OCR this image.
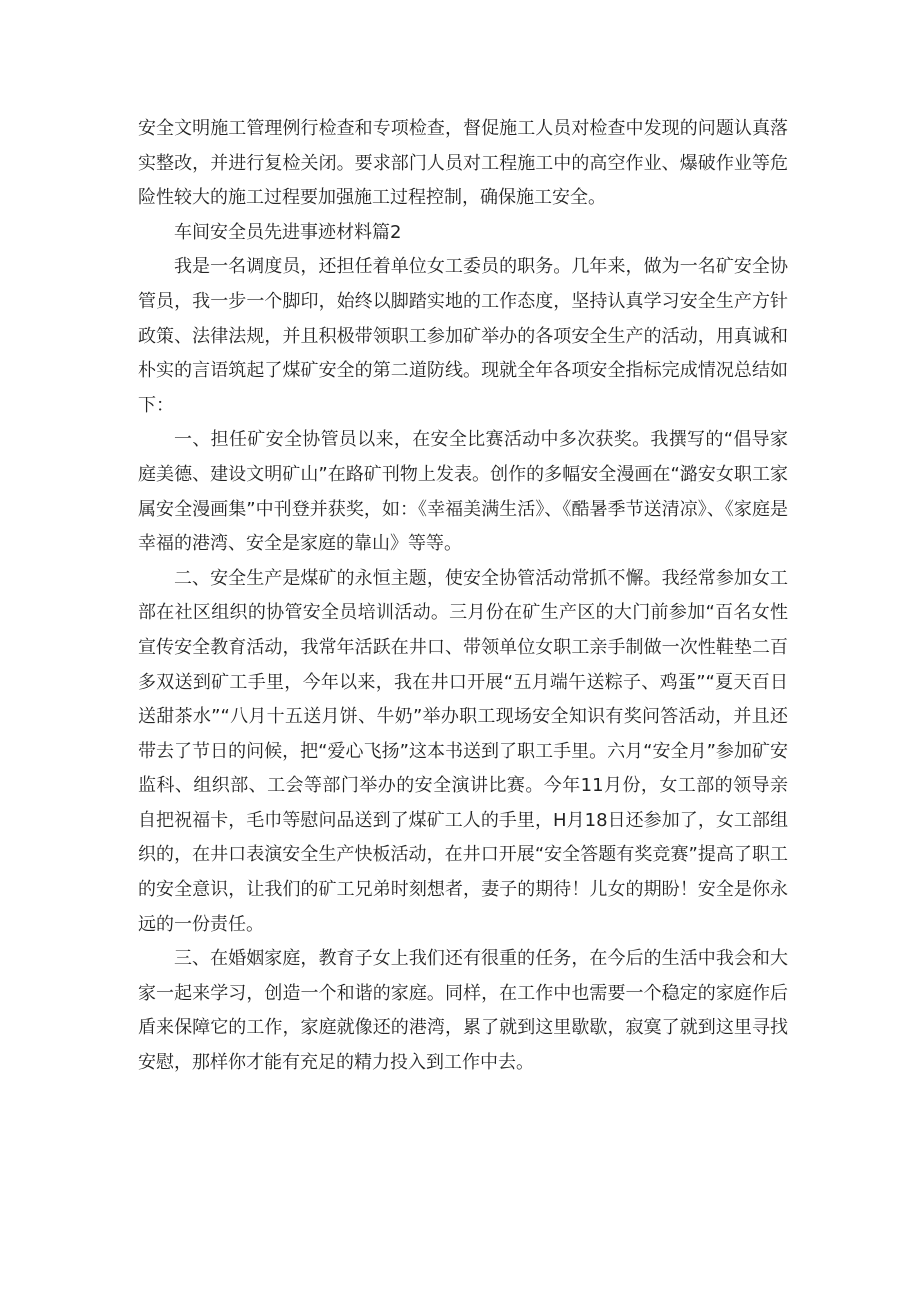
安全文明施工管理例行检查和专项检查，督促施工人员对检查中发现的问题认真落实整改，并进行复检关闭。要求部门人员对工程施工中的高空作业、爆破作业等危险性较大的施工过程要加强施工过程控制，确保施工安全。

车间安全员先进事迹材料篇2

我是一名调度员，还担任着单位女工委员的职务。几年来，做为一名矿安全协管员，我一步一个脚印，始终以脚踏实地的工作态度，坚持认真学习安全生产方针政策、法律法规，并且积极带领职工参加矿举办的各项安全生产的活动，用真诚和朴实的言语筑起了煤矿安全的第二道防线。现就全年各项安全指标完成情况总结如下：

一、担任矿安全协管员以来，在安全比赛活动中多次获奖。我撰写的“倡导家庭美德、建设文明矿山”在路矿刊物上发表。创作的多幅安全漫画在“潞安女职工家属安全漫画集”中刊登并获奖，如：《幸福美满生活》、《酷暑季节送清凉》、《家庭是幸福的港湾、安全是家庭的靠山》等等。

二、安全生产是煤矿的永恒主题，使安全协管活动常抓不懈。我经常参加女工部在社区组织的协管安全员培训活动。三月份在矿生产区的大门前参加“百名女性宣传安全教育活动，我常年活跃在井口、带领单位女职工亲手制做一次性鞋垫二百多双送到矿工手里，今年以来，我在井口开展“五月端午送粽子、鸡蛋”“夏天百日送甜茶水”“八月十五送月饼、牛奶”举办职工现场安全知识有奖问答活动，并且还带去了节日的问候，把“爱心飞扬”这本书送到了职工手里。六月“安全月”参加矿安监科、组织部、工会等部门举办的安全演讲比赛。今年11月份，女工部的领导亲自把祝福卡，毛巾等慰问品送到了煤矿工人的手里，H月18日还参加了，女工部组织的，在井口表演安全生产快板活动，在井口开展“安全答题有奖竞赛”提高了职工的安全意识，让我们的矿工兄弟时刻想者，妻子的期待！儿女的期盼！安全是你永远的一份责任。

三、在婚姻家庭，教育子女上我们还有很重的任务，在今后的生活中我会和大家一起来学习，创造一个和谐的家庭。同样，在工作中也需要一个稳定的家庭作后盾来保障它的工作，家庭就像还的港湾，累了就到这里歇歇，寂寞了就到这里寻找安慰，那样你才能有充足的精力投入到工作中去。
